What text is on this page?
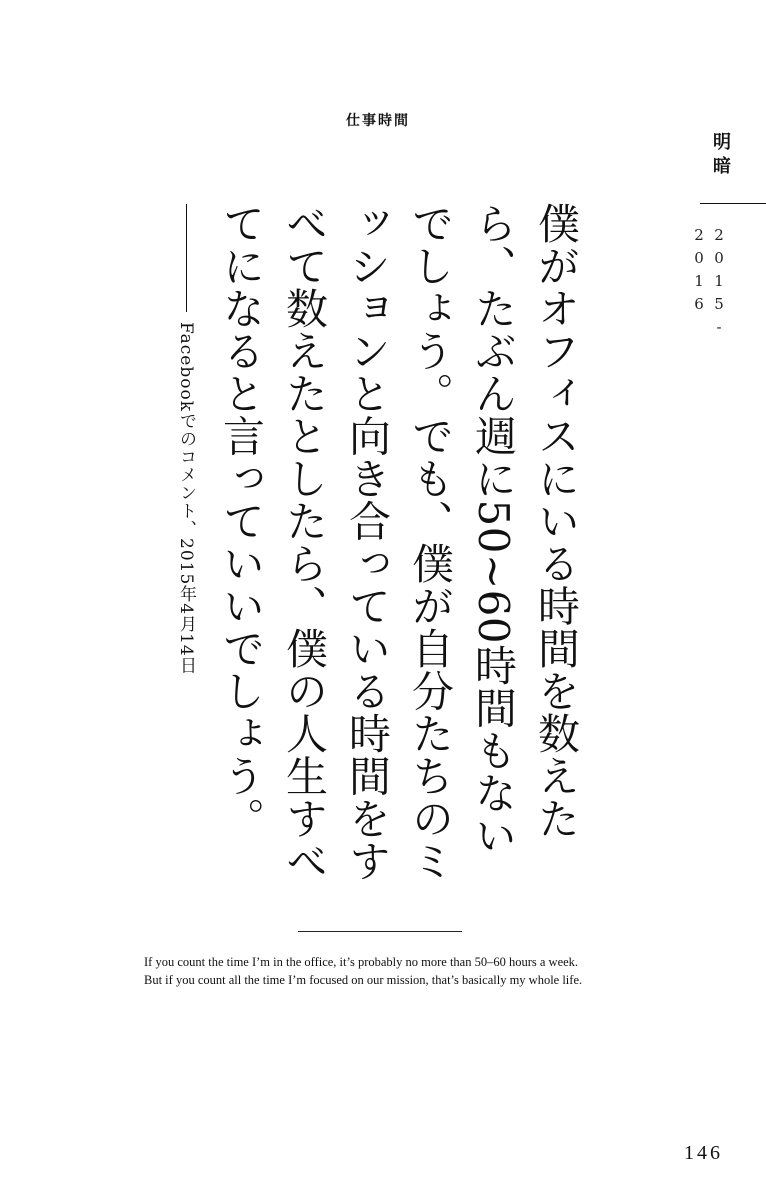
仕事時間
明暗
2015-2016
僕がオフィスにいる時間を数えたら、たぶん週に50~60時間もないでしょう。でも、僕が自分たちのミッションと向き合っている時間をすべて数えたとしたら、僕の人生すべてになると言っていいでしょう。
Facebookでのコメント、2015年4月14日

If you count the time I’m in the office, it’s probably no more than 50–60 hours a week.

But if you count all the time I’m focused on our mission, that’s basically my whole life.

146
